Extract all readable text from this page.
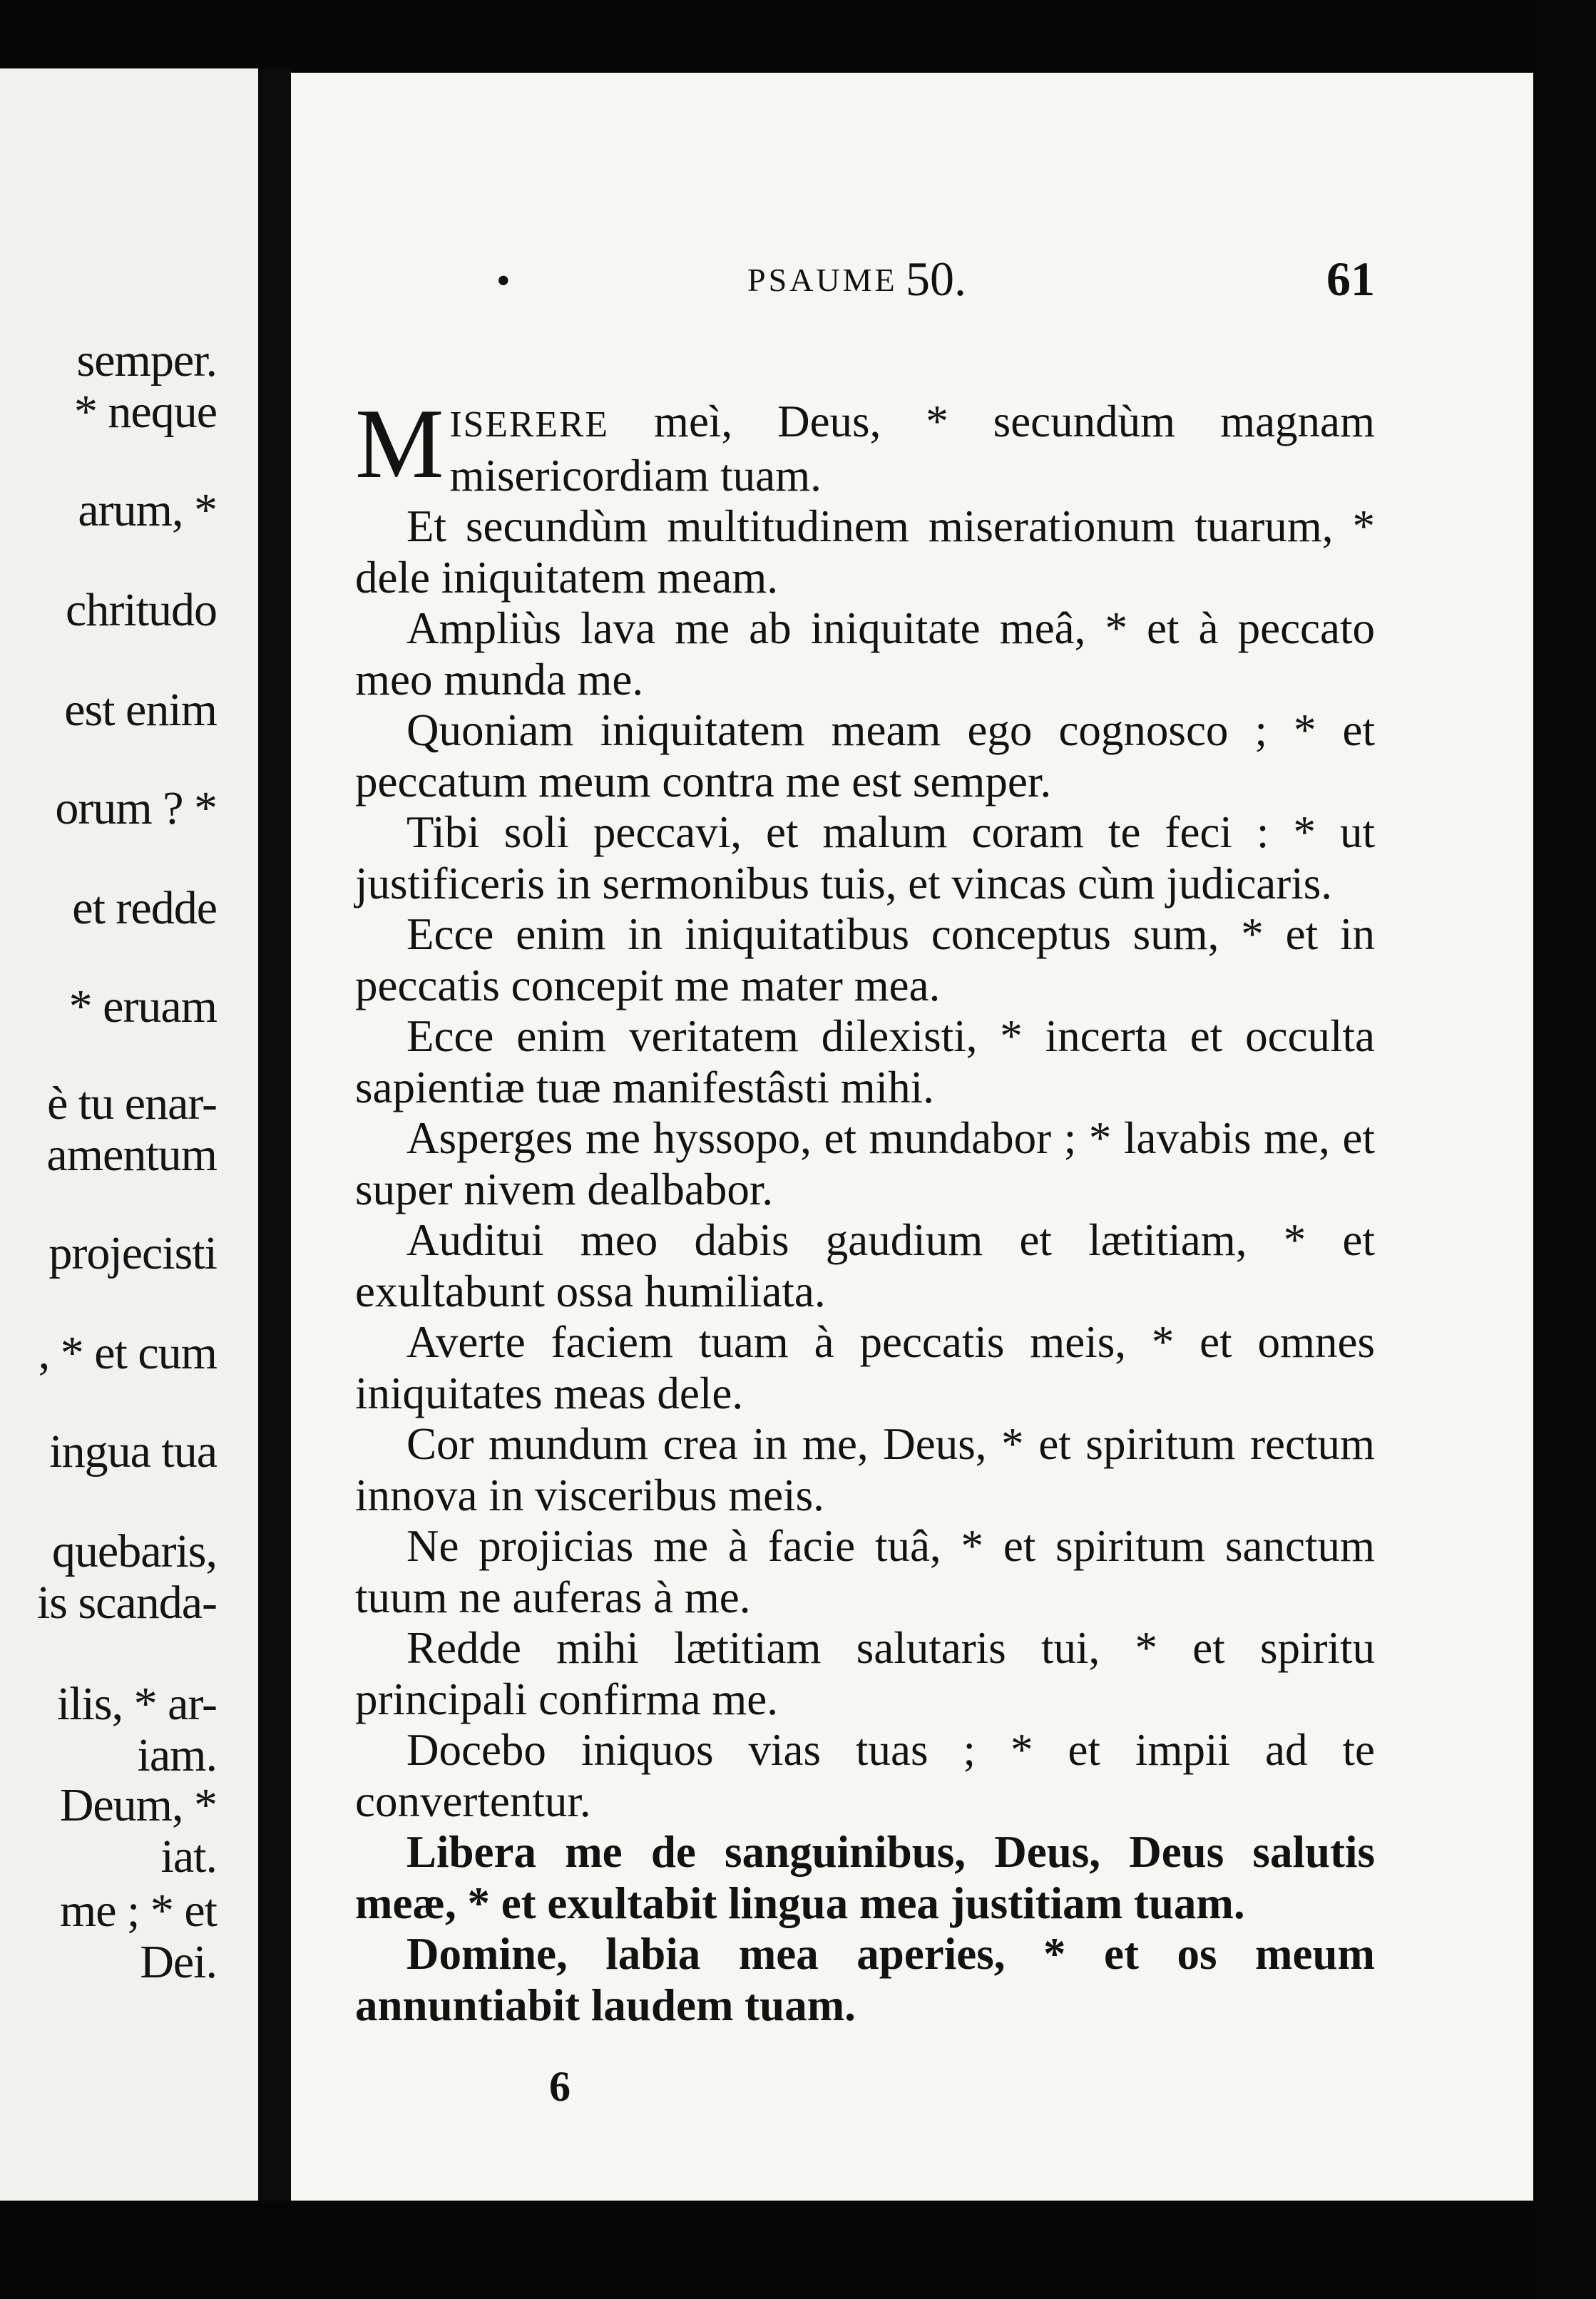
semper.
* neque
arum, *
chritudo
est enim
orum ? *
et redde
* eruam
è tu enar-
amentum
projecisti
, * et cum
ingua tua
quebaris,
is scanda-
ilis, * ar-
iam.
Deum, *
iat.
me ; * et
Dei.
•	PSAUME 50.	61

MISERERE meì, Deus, * secundùm magnam misericordiam tuam.

Et secundùm multitudinem miserationum tuarum, * dele iniquitatem meam.

Ampliùs lava me ab iniquitate meâ, * et à peccato meo munda me.

Quoniam iniquitatem meam ego cognosco ; * et peccatum meum contra me est semper.

Tibi soli peccavi, et malum coram te feci : * ut justificeris in sermonibus tuis, et vincas cùm judicaris.

Ecce enim in iniquitatibus conceptus sum, * et in peccatis concepit me mater mea.

Ecce enim veritatem dilexisti, * incerta et occulta sapientiæ tuæ manifestâsti mihi.

Asperges me hyssopo, et mundabor ; * lavabis me, et super nivem dealbabor.

Auditui meo dabis gaudium et lætitiam, * et exultabunt ossa humiliata.

Averte faciem tuam à peccatis meis, * et omnes iniquitates meas dele.

Cor mundum crea in me, Deus, * et spiritum rectum innova in visceribus meis.

Ne projicias me à facie tuâ, * et spiritum sanctum tuum ne auferas à me.

Redde mihi lætitiam salutaris tui, * et spiritu principali confirma me.

Docebo iniquos vias tuas ; * et impii ad te convertentur.

Libera me de sanguinibus, Deus, Deus salutis meæ, * et exultabit lingua mea justitiam tuam.

Domine, labia mea aperies, * et os meum annuntiabit laudem tuam.

6
